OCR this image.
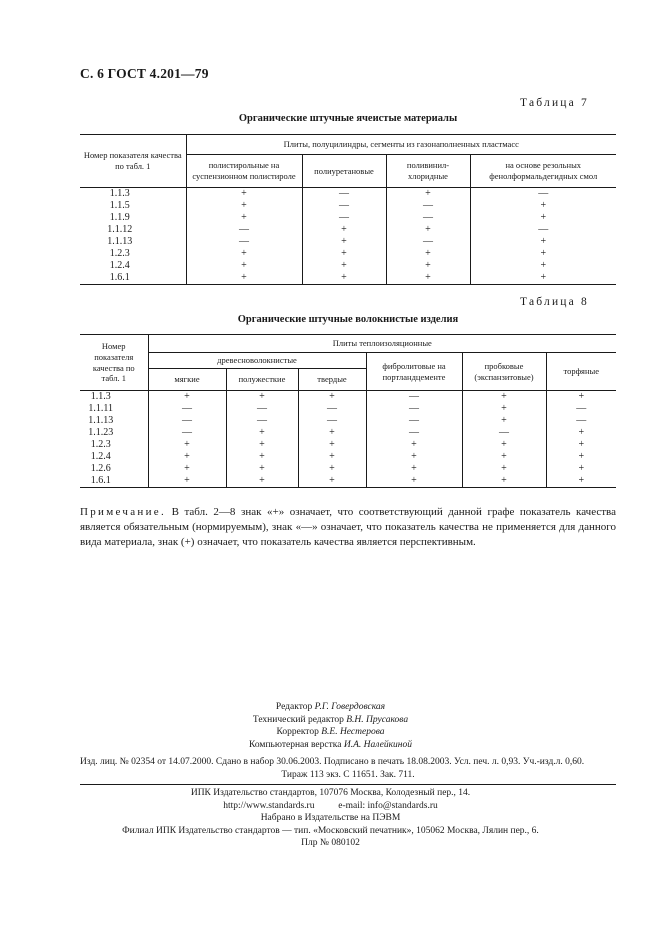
С. 6 ГОСТ 4.201—79
Таблица 7
Органические штучные ячеистые материалы
Номер показателя качества по табл. 1	Плиты, полуцилиндры, сегменты из газонаполненных пластмасс			
	полистирольные на суспензионном полистироле	полиуретановые	поливинил-хлоридные	на основе резольных фенолформальдегидных смол
1.1.3	+	—	+	—
1.1.5	+	—	—	+
1.1.9	+	—	—	+
1.1.12	—	+	+	—
1.1.13	—	+	—	+
1.2.3	+	+	+	+
1.2.4	+	+	+	+
1.6.1	+	+	+	+
Таблица 8
Органические штучные волокнистые изделия
Номер показателя качества по табл. 1	Плиты теплоизоляционные					
	древесноволокнистые			фибролитовые на портландцементе	пробковые (экспанзитовые)	торфяные
	мягкие	полужесткие	твердые			
1.1.3	+	+	+	—	+	+
1.1.11	—	—	—	—	+	—
1.1.13	—	—	—	—	+	—
1.1.23	—	+	+	—	—	+
1.2.3	+	+	+	+	+	+
1.2.4	+	+	+	+	+	+
1.2.6	+	+	+	+	+	+
1.6.1	+	+	+	+	+	+
Примечание. В табл. 2—8 знак «+» означает, что соответствующий данной графе показатель качества является обязательным (нормируемым), знак «—» означает, что показатель качества не применяется для данного вида материала, знак (+) означает, что показатель качества является перспективным.
Редактор Р.Г. Говердовская
Технический редактор В.Н. Прусакова
Корректор В.Е. Нестерова
Компьютерная верстка И.А. Налейкиной
Изд. лиц. № 02354 от 14.07.2000. Сдано в набор 30.06.2003. Подписано в печать 18.08.2003. Усл. печ. л. 0,93. Уч.-изд.л. 0,60.
Тираж 113 экз. С 11651. Зак. 711.
ИПК Издательство стандартов, 107076 Москва, Колодезный пер., 14.
http://www.standards.ru	e-mail: info@standards.ru
Набрано в Издательстве на ПЭВМ
Филиал ИПК Издательство стандартов — тип. «Московский печатник», 105062 Москва, Лялин пер., 6.
Плр № 080102
